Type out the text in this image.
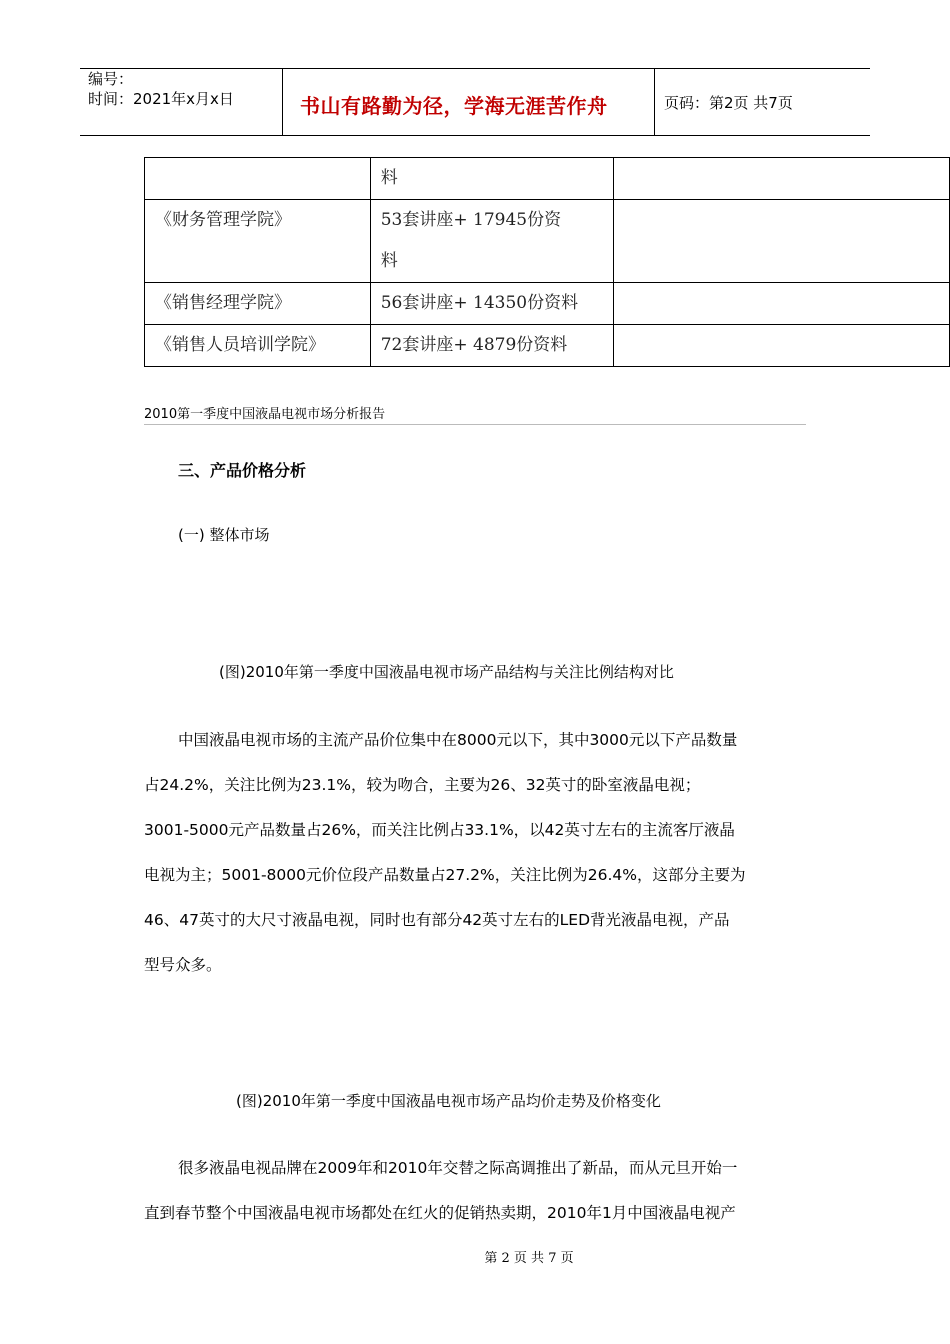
编号：
时间：2021年x月x日	书山有路勤为径，学海无涯苦作舟	页码：第2页 共7页
	料	
《财务管理学院》	53套讲座+ 17945份资
料	

《销售经理学院》	56套讲座+ 14350份资料	
《销售人员培训学院》	72套讲座+ 4879份资料	
2010第一季度中国液晶电视市场分析报告
三、产品价格分析
(一) 整体市场
(图)2010年第一季度中国液晶电视市场产品结构与关注比例结构对比
中国液晶电视市场的主流产品价位集中在8000元以下，其中3000元以下产品数量
占24.2%，关注比例为23.1%，较为吻合，主要为26、32英寸的卧室液晶电视；
3001-5000元产品数量占26%，而关注比例占33.1%，以42英寸左右的主流客厅液晶
电视为主；5001-8000元价位段产品数量占27.2%，关注比例为26.4%，这部分主要为
46、47英寸的大尺寸液晶电视，同时也有部分42英寸左右的LED背光液晶电视，产品
型号众多。
(图)2010年第一季度中国液晶电视市场产品均价走势及价格变化
很多液晶电视品牌在2009年和2010年交替之际高调推出了新品，而从元旦开始一
直到春节整个中国液晶电视市场都处在红火的促销热卖期，2010年1月中国液晶电视产
第 2 页 共 7 页
